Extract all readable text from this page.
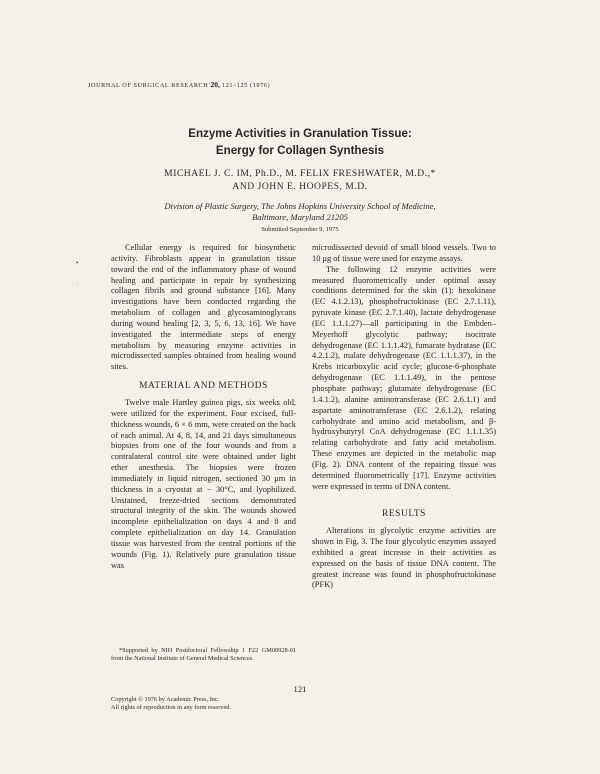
JOURNAL OF SURGICAL RESEARCH 20, 121–125 (1976)
Enzyme Activities in Granulation Tissue:
Energy for Collagen Synthesis
MICHAEL J. C. IM, Ph.D., M. FELIX FRESHWATER, M.D.,*
AND JOHN E. HOOPES, M.D.
Division of Plastic Surgery, The Johns Hopkins University School of Medicine,
Baltimore, Maryland 21205
Submitted September 9, 1975

Cellular energy is required for biosynthetic activity. Fibroblasts appear in granulation tissue toward the end of the inflammatory phase of wound healing and participate in repair by synthesizing collagen fibrils and ground substance [16]. Many investigations have been conducted regarding the metabolism of collagen and glycosaminoglycans during wound healing [2, 3, 5, 6, 13, 16]. We have investigated the intermediate steps of energy metabolism by measuring enzyme activities in microdissected samples obtained from healing wound sites.

MATERIAL AND METHODS

Twelve male Hartley guinea pigs, six weeks old, were utilized for the experiment. Four excised, full-thickness wounds, 6 × 6 mm, were created on the back of each animal. At 4, 8, 14, and 21 days simultaneous biopsies from one of the four wounds and from a contralateral control site were obtained under light ether anesthesia. The biopsies were frozen immediately in liquid nitrogen, sectioned 30 μm in thickness in a cryostat at − 30°C, and lyophilized. Unstained, freeze-dried sections demonstrated structural integrity of the skin. The wounds showed incomplete epithelialization on days 4 and 8 and complete epithelialization on day 14. Granulation tissue was harvested from the central portions of the wounds (Fig. 1). Relatively pure granulation tissue was

microdissected devoid of small blood vessels. Two to 10 μg of tissue were used for enzyme assays.

The following 12 enzyme activities were measured fluorometrically under optimal assay conditions determined for the skin (1): hexokinase (EC 4.1.2.13), phosphofructokinase (EC 2.7.1.11), pyruvate kinase (EC 2.7.1.40), lactate dehydrogenase (EC 1.1.1.27)—all participating in the Embden–Meyerhoff glycolytic pathway; isocitrate dehydrogenase (EC 1.1.1.42), fumarate hydratase (EC 4.2.1.2), malate dehydrogenase (EC 1.1.1.37), in the Krebs tricarboxylic acid cycle; glucose-6-phosphate dehydrogenase (EC 1.1.1.49), in the pentose phosphate pathway; glutamate dehydrogenase (EC 1.4.1.2), alanine aminotransferase (EC 2.6.1.1) and aspartate aminotransferase (EC 2.6.1.2), relating carbohydrate and amino acid metabolism, and β-hydroxybutyryl CoA dehydrogenase (EC 1.1.1.35) relating carbohydrate and fatty acid metabolism. These enzymes are depicted in the metabolic map (Fig. 2). DNA content of the repairing tissue was determined fluorometrically [17]. Enzyme activities were expressed in terms of DNA content.

RESULTS

Alterations in glycolytic enzyme activities are shown in Fig. 3. The four glycolytic enzymes assayed exhibited a great increase in their activities as expressed on the basis of tissue DNA content. The greatest increase was found in phosphofructokinase (PFK)

*Supported by NIH Postdoctoral Fellowship 1 F22 GM00928-01 from the National Institute of General Medical Sciences.
121
Copyright © 1976 by Academic Press, Inc.
All rights of reproduction in any form reserved.
•
˙
